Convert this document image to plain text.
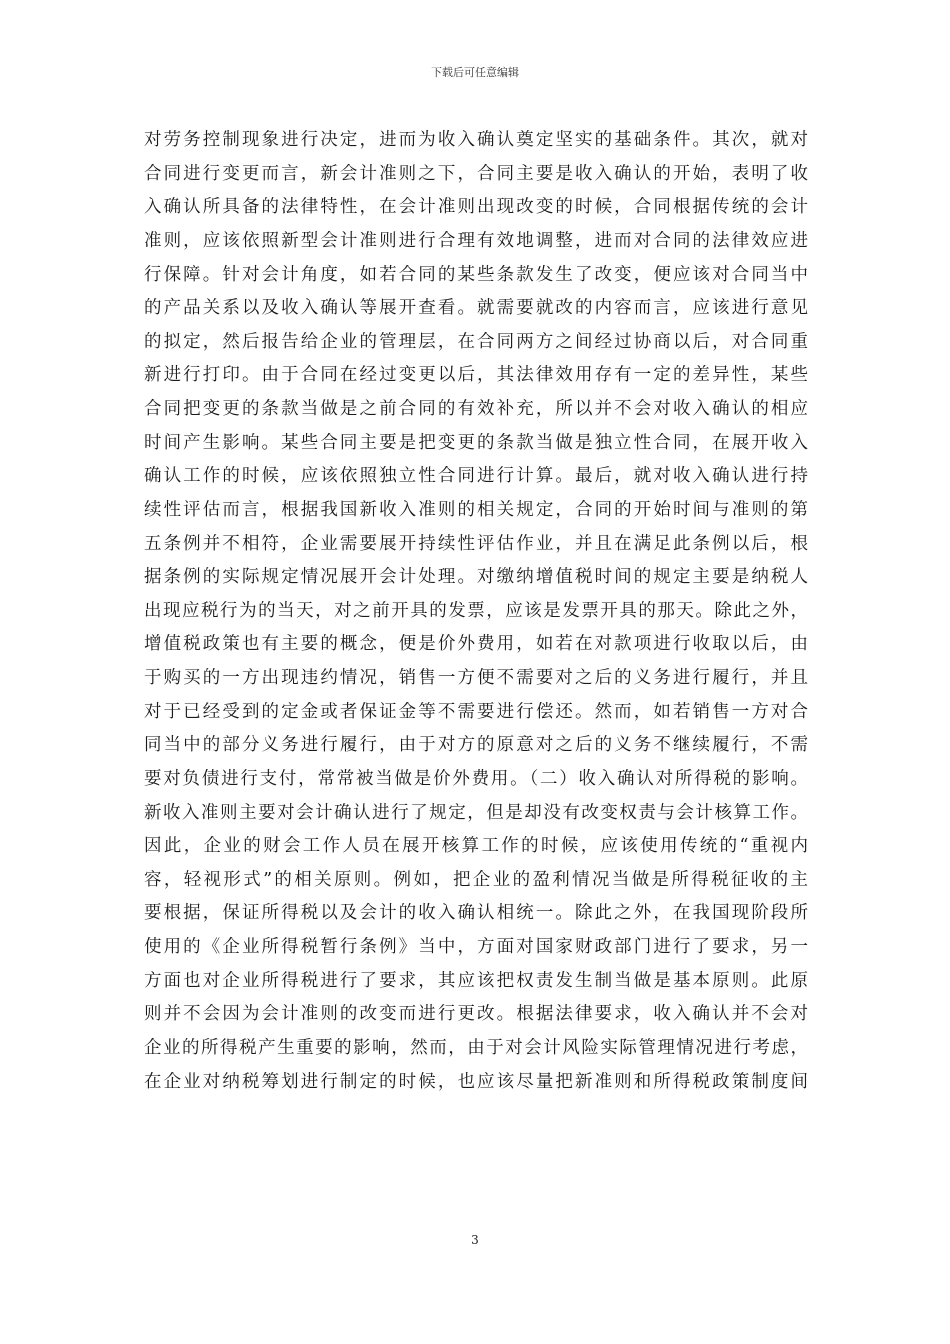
下载后可任意编辑
对劳务控制现象进行决定，进而为收入确认奠定坚实的基础条件。其次，就对
合同进行变更而言，新会计准则之下，合同主要是收入确认的开始，表明了收
入确认所具备的法律特性，在会计准则出现改变的时候，合同根据传统的会计
准则，应该依照新型会计准则进行合理有效地调整，进而对合同的法律效应进
行保障。针对会计角度，如若合同的某些条款发生了改变，便应该对合同当中
的产品关系以及收入确认等展开查看。就需要就改的内容而言，应该进行意见
的拟定，然后报告给企业的管理层，在合同两方之间经过协商以后，对合同重
新进行打印。由于合同在经过变更以后，其法律效用存有一定的差异性，某些
合同把变更的条款当做是之前合同的有效补充，所以并不会对收入确认的相应
时间产生影响。某些合同主要是把变更的条款当做是独立性合同，在展开收入
确认工作的时候，应该依照独立性合同进行计算。最后，就对收入确认进行持
续性评估而言，根据我国新收入准则的相关规定，合同的开始时间与准则的第
五条例并不相符，企业需要展开持续性评估作业，并且在满足此条例以后，根
据条例的实际规定情况展开会计处理。对缴纳增值税时间的规定主要是纳税人
出现应税行为的当天，对之前开具的发票，应该是发票开具的那天。除此之外，
增值税政策也有主要的概念，便是价外费用，如若在对款项进行收取以后，由
于购买的一方出现违约情况，销售一方便不需要对之后的义务进行履行，并且
对于已经受到的定金或者保证金等不需要进行偿还。然而，如若销售一方对合
同当中的部分义务进行履行，由于对方的原意对之后的义务不继续履行，不需
要对负债进行支付，常常被当做是价外费用。（二）收入确认对所得税的影响。
新收入准则主要对会计确认进行了规定，但是却没有改变权责与会计核算工作。
因此，企业的财会工作人员在展开核算工作的时候，应该使用传统的“重视内
容，轻视形式”的相关原则。例如，把企业的盈利情况当做是所得税征收的主
要根据，保证所得税以及会计的收入确认相统一。除此之外，在我国现阶段所
使用的《企业所得税暂行条例》当中，方面对国家财政部门进行了要求，另一
方面也对企业所得税进行了要求，其应该把权责发生制当做是基本原则。此原
则并不会因为会计准则的改变而进行更改。根据法律要求，收入确认并不会对
企业的所得税产生重要的影响，然而，由于对会计风险实际管理情况进行考虑，
在企业对纳税筹划进行制定的时候，也应该尽量把新准则和所得税政策制度间
3
